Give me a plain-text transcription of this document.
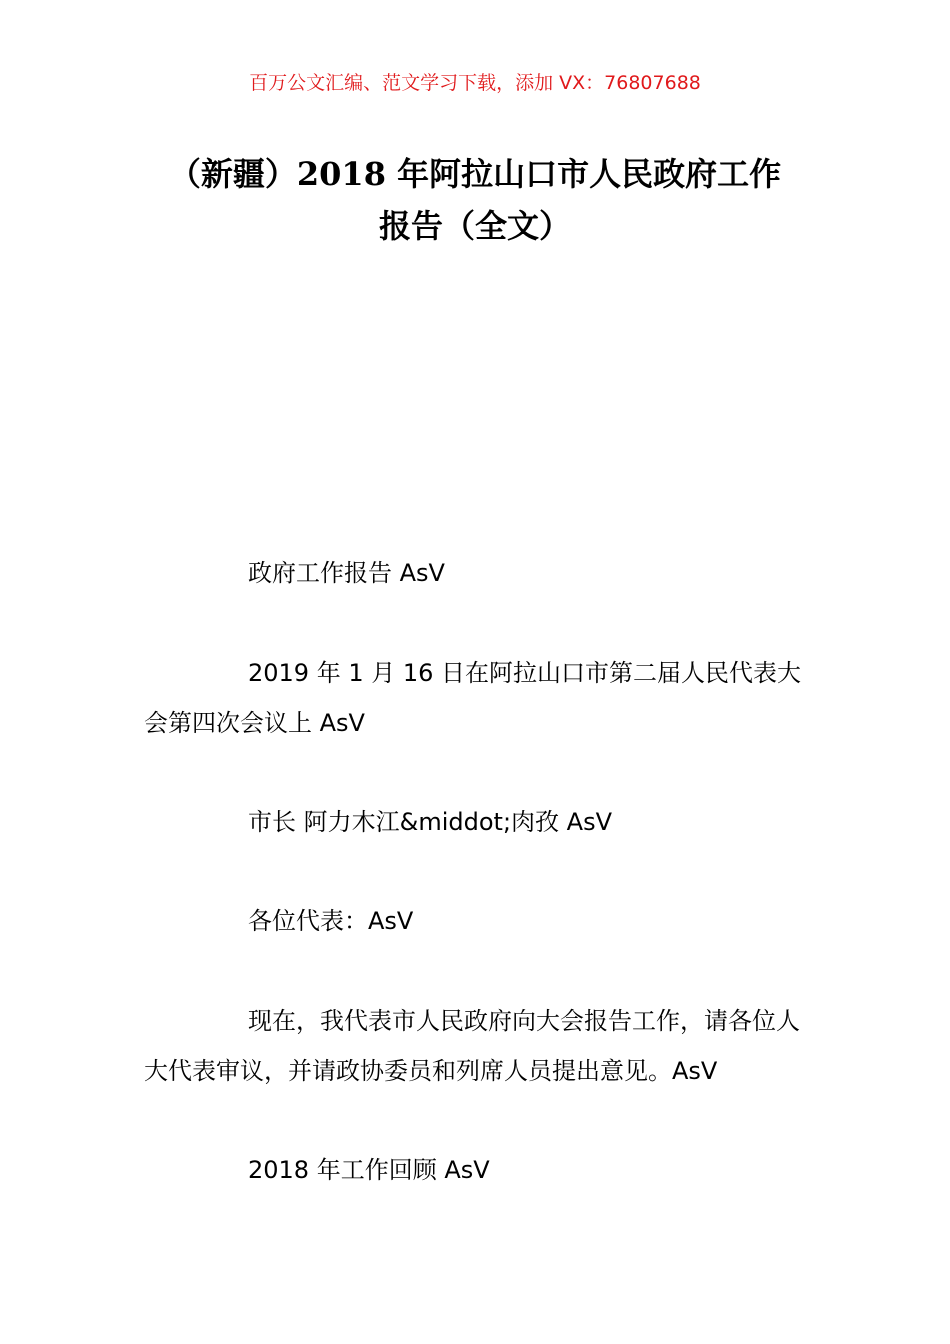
百万公文汇编、范文学习下载，添加 VX：76807688
（新疆）2018 年阿拉山口市人民政府工作
报告（全文）
政府工作报告 AsV
2019 年 1 月 16 日在阿拉山口市第二届人民代表大会第四次会议上 AsV
市长 阿力木江&middot;肉孜 AsV
各位代表：AsV
现在，我代表市人民政府向大会报告工作，请各位人大代表审议，并请政协委员和列席人员提出意见。AsV
2018 年工作回顾 AsV
